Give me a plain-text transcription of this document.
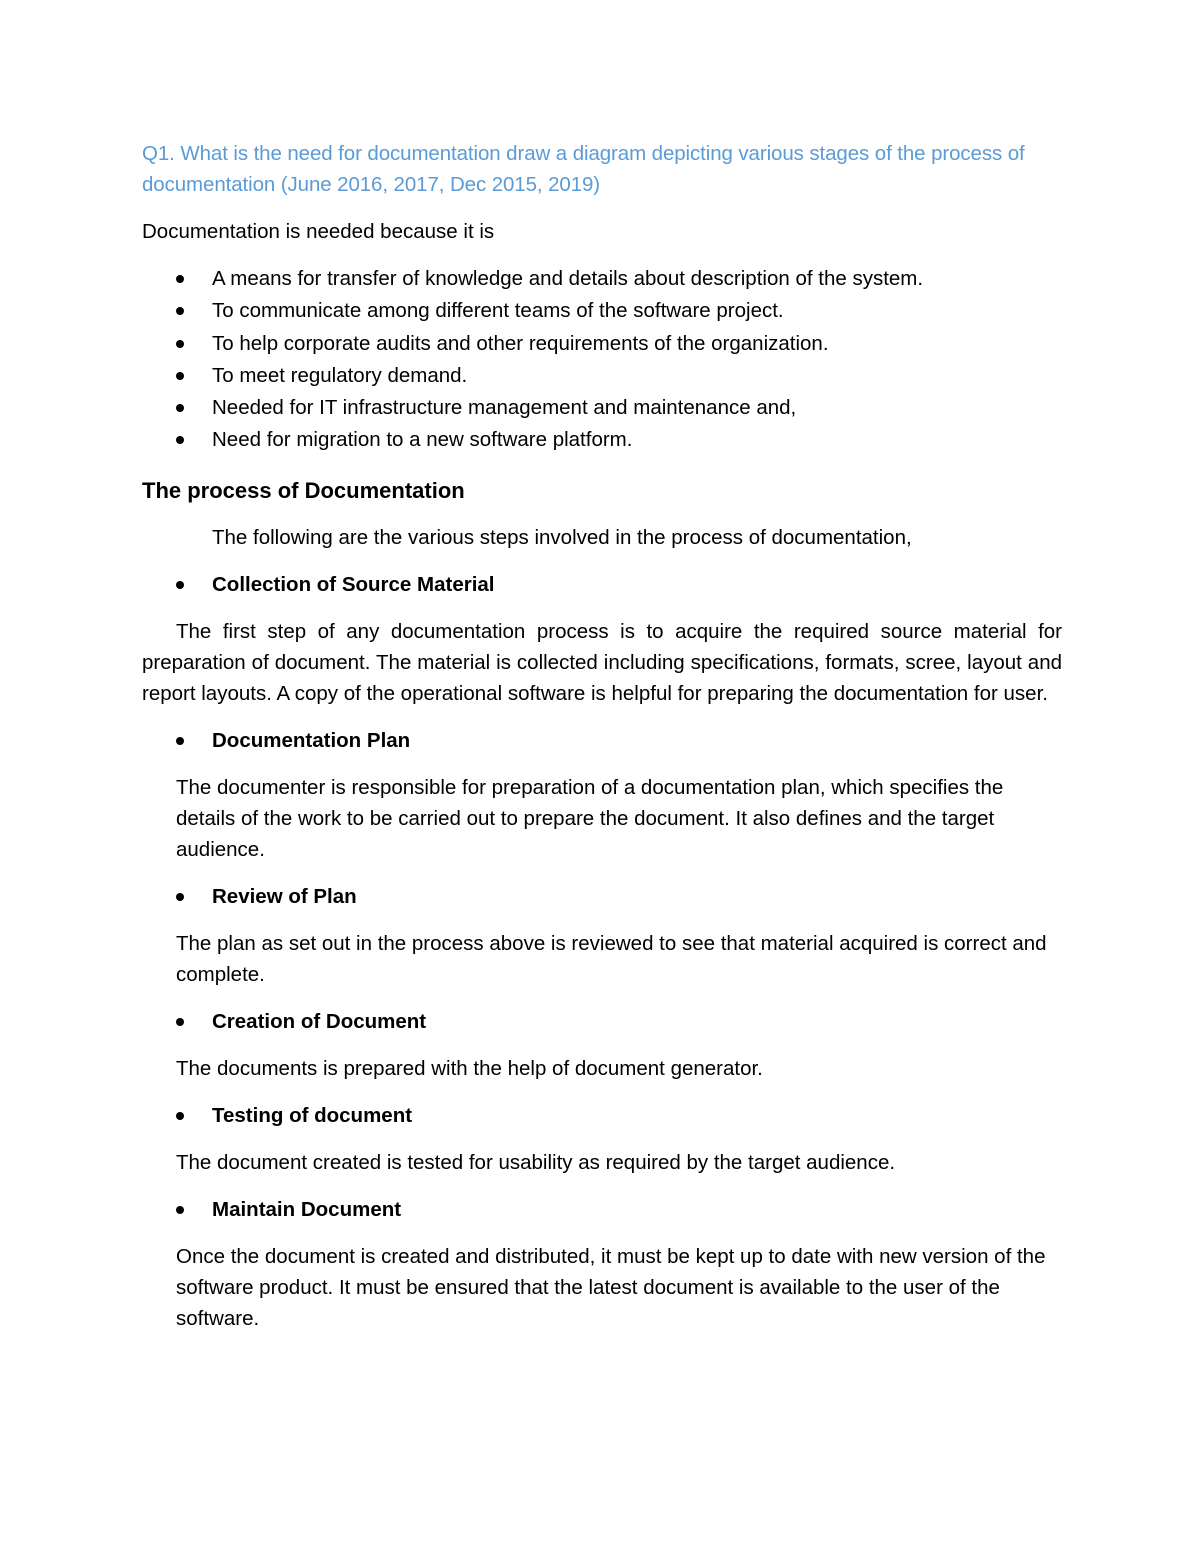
Q1. What is the need for documentation draw a diagram depicting various stages of the process of documentation (June 2016, 2017, Dec 2015, 2019)

Documentation is needed because it is

A means for transfer of knowledge and details about description of the system.
To communicate among different teams of the software project.
To help corporate audits and other requirements of the organization.
To meet regulatory demand.
Needed for IT infrastructure management and maintenance and,
Need for migration to a new software platform.
The process of Documentation

The following are the various steps involved in the process of documentation,

Collection of Source Material

The first step of any documentation process is to acquire the required source material for preparation of document. The material is collected including specifications, formats, scree, layout and report layouts. A copy of the operational software is helpful for preparing the documentation for user.

Documentation Plan

The documenter is responsible for preparation of a documentation plan, which specifies the details of the work to be carried out to prepare the document. It also defines and the target audience.

Review of Plan

The plan as set out in the process above is reviewed to see that material acquired is correct and complete.

Creation of Document

The documents is prepared with the help of document generator.

Testing of document

The document created is tested for usability as required by the target audience.

Maintain Document

Once the document is created and distributed, it must be kept up to date with new version of the software product. It must be ensured that the latest document is available to the user of the software.
